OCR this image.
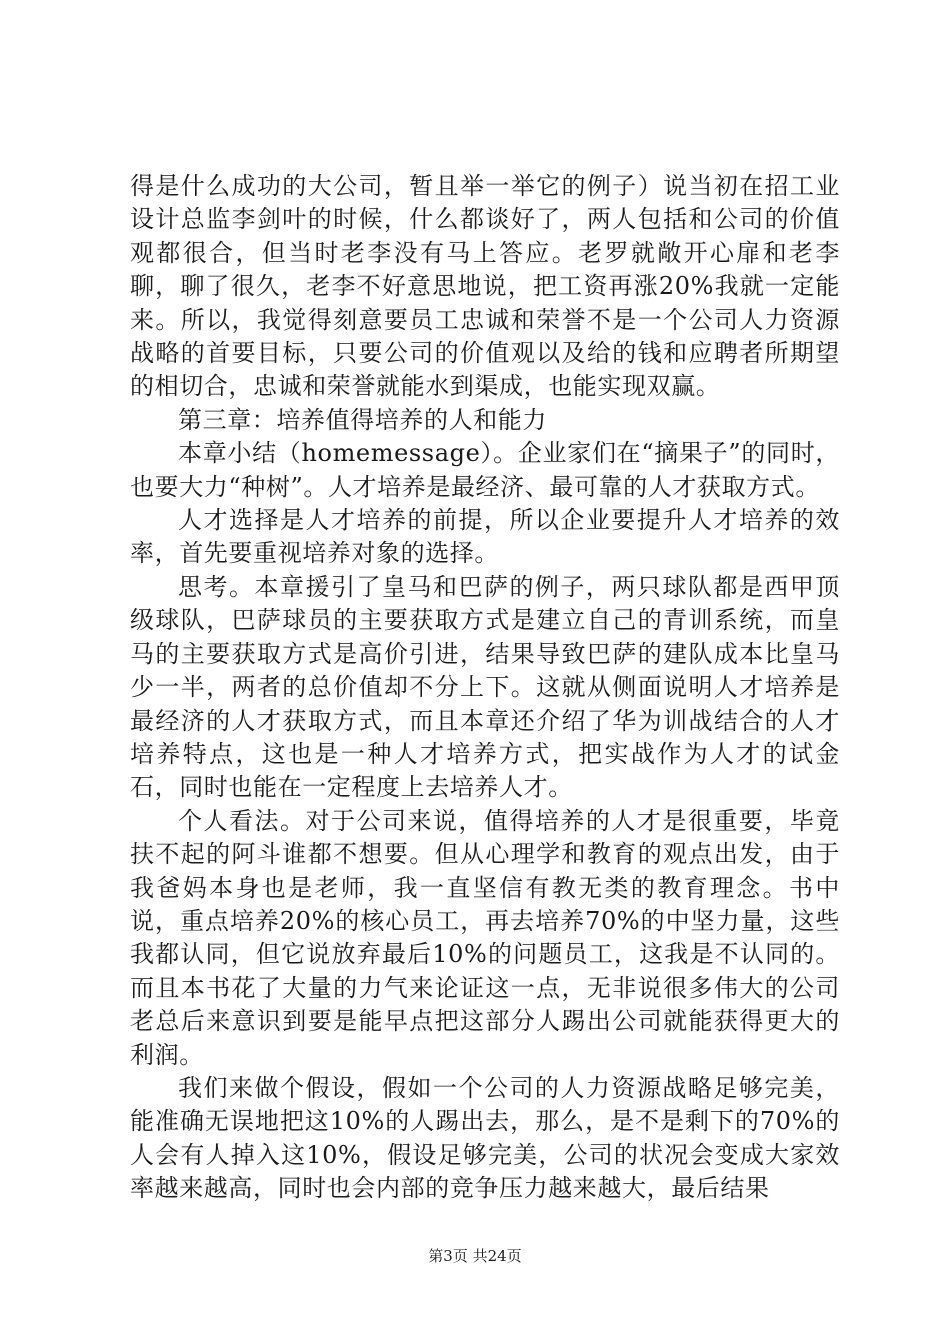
得是什么成功的大公司，暂且举一举它的例子）说当初在招工业设计总监李剑叶的时候，什么都谈好了，两人包括和公司的价值观都很合，但当时老李没有马上答应。老罗就敞开心扉和老李聊，聊了很久，老李不好意思地说，把工资再涨20%我就一定能来。所以，我觉得刻意要员工忠诚和荣誉不是一个公司人力资源战略的首要目标，只要公司的价值观以及给的钱和应聘者所期望的相切合，忠诚和荣誉就能水到渠成，也能实现双赢。

第三章：培养值得培养的人和能力

本章小结（homemessage）。企业家们在“摘果子”的同时，也要大力“种树”。人才培养是最经济、最可靠的人才获取方式。

人才选择是人才培养的前提，所以企业要提升人才培养的效率，首先要重视培养对象的选择。

思考。本章援引了皇马和巴萨的例子，两只球队都是西甲顶级球队，巴萨球员的主要获取方式是建立自己的青训系统，而皇马的主要获取方式是高价引进，结果导致巴萨的建队成本比皇马少一半，两者的总价值却不分上下。这就从侧面说明人才培养是最经济的人才获取方式，而且本章还介绍了华为训战结合的人才培养特点，这也是一种人才培养方式，把实战作为人才的试金石，同时也能在一定程度上去培养人才。

个人看法。对于公司来说，值得培养的人才是很重要，毕竟扶不起的阿斗谁都不想要。但从心理学和教育的观点出发，由于我爸妈本身也是老师，我一直坚信有教无类的教育理念。书中说，重点培养20%的核心员工，再去培养70%的中坚力量，这些我都认同，但它说放弃最后10%的问题员工，这我是不认同的。而且本书花了大量的力气来论证这一点，无非说很多伟大的公司老总后来意识到要是能早点把这部分人踢出公司就能获得更大的利润。

我们来做个假设，假如一个公司的人力资源战略足够完美，能准确无误地把这10%的人踢出去，那么，是不是剩下的70%的人会有人掉入这10%，假设足够完美，公司的状况会变成大家效率越来越高，同时也会内部的竞争压力越来越大，最后结果

第3页 共24页
